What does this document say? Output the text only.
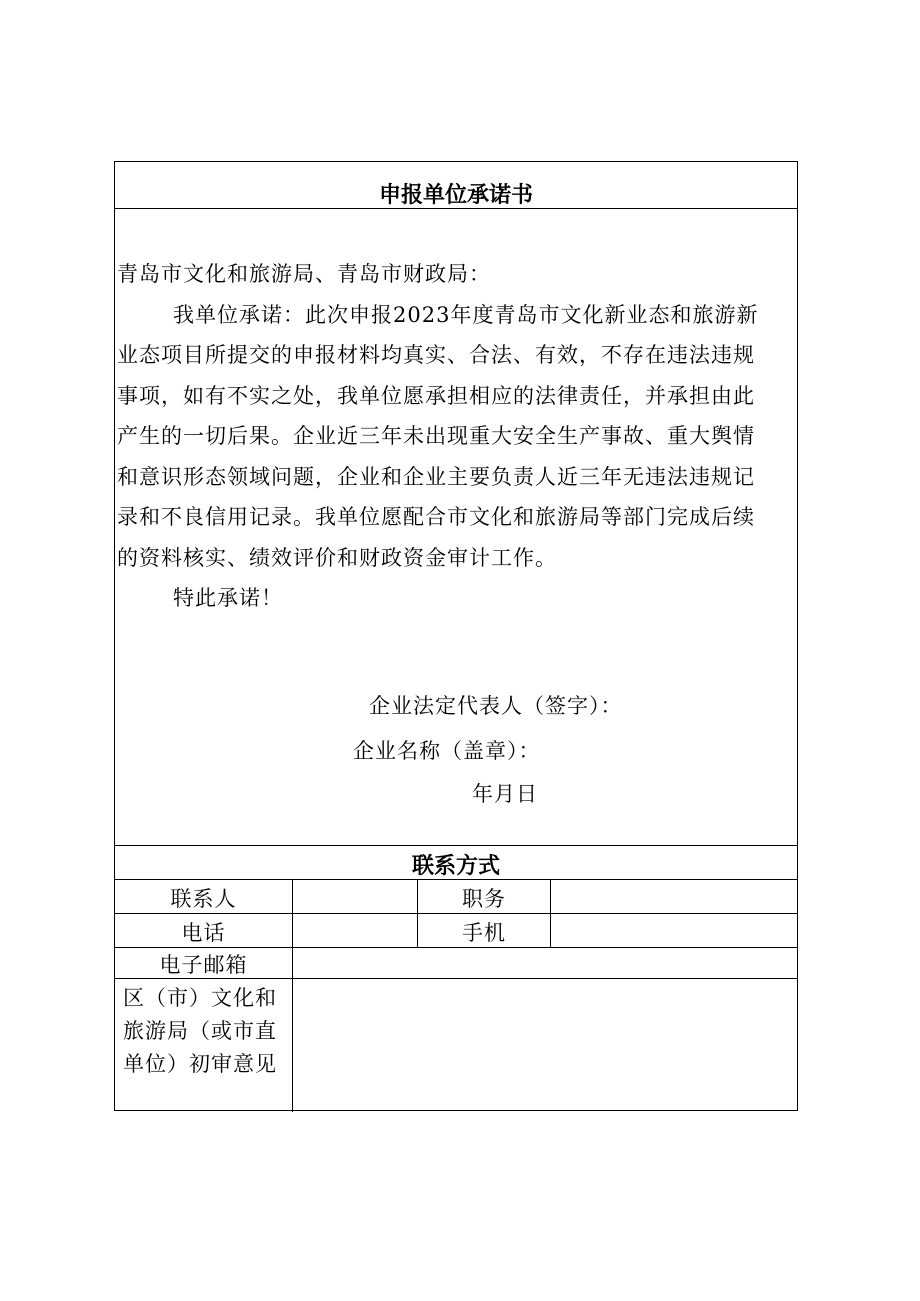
申报单位承诺书

青岛市文化和旅游局、青岛市财政局：

我单位承诺：此次申报2023年度青岛市文化新业态和旅游新

业态项目所提交的申报材料均真实、合法、有效，不存在违法违规

事项，如有不实之处，我单位愿承担相应的法律责任，并承担由此

产生的一切后果。企业近三年未出现重大安全生产事故、重大舆情

和意识形态领域问题，企业和企业主要负责人近三年无违法违规记

录和不良信用记录。我单位愿配合市文化和旅游局等部门完成后续

的资料核实、绩效评价和财政资金审计工作。

特此承诺！

企业法定代表人（签字）：
企业名称（盖章）：
年月日
联系方式
联系人	职务
电话	手机
电子邮箱
区（市）文化和
旅游局（或市直
单位）初审意见
